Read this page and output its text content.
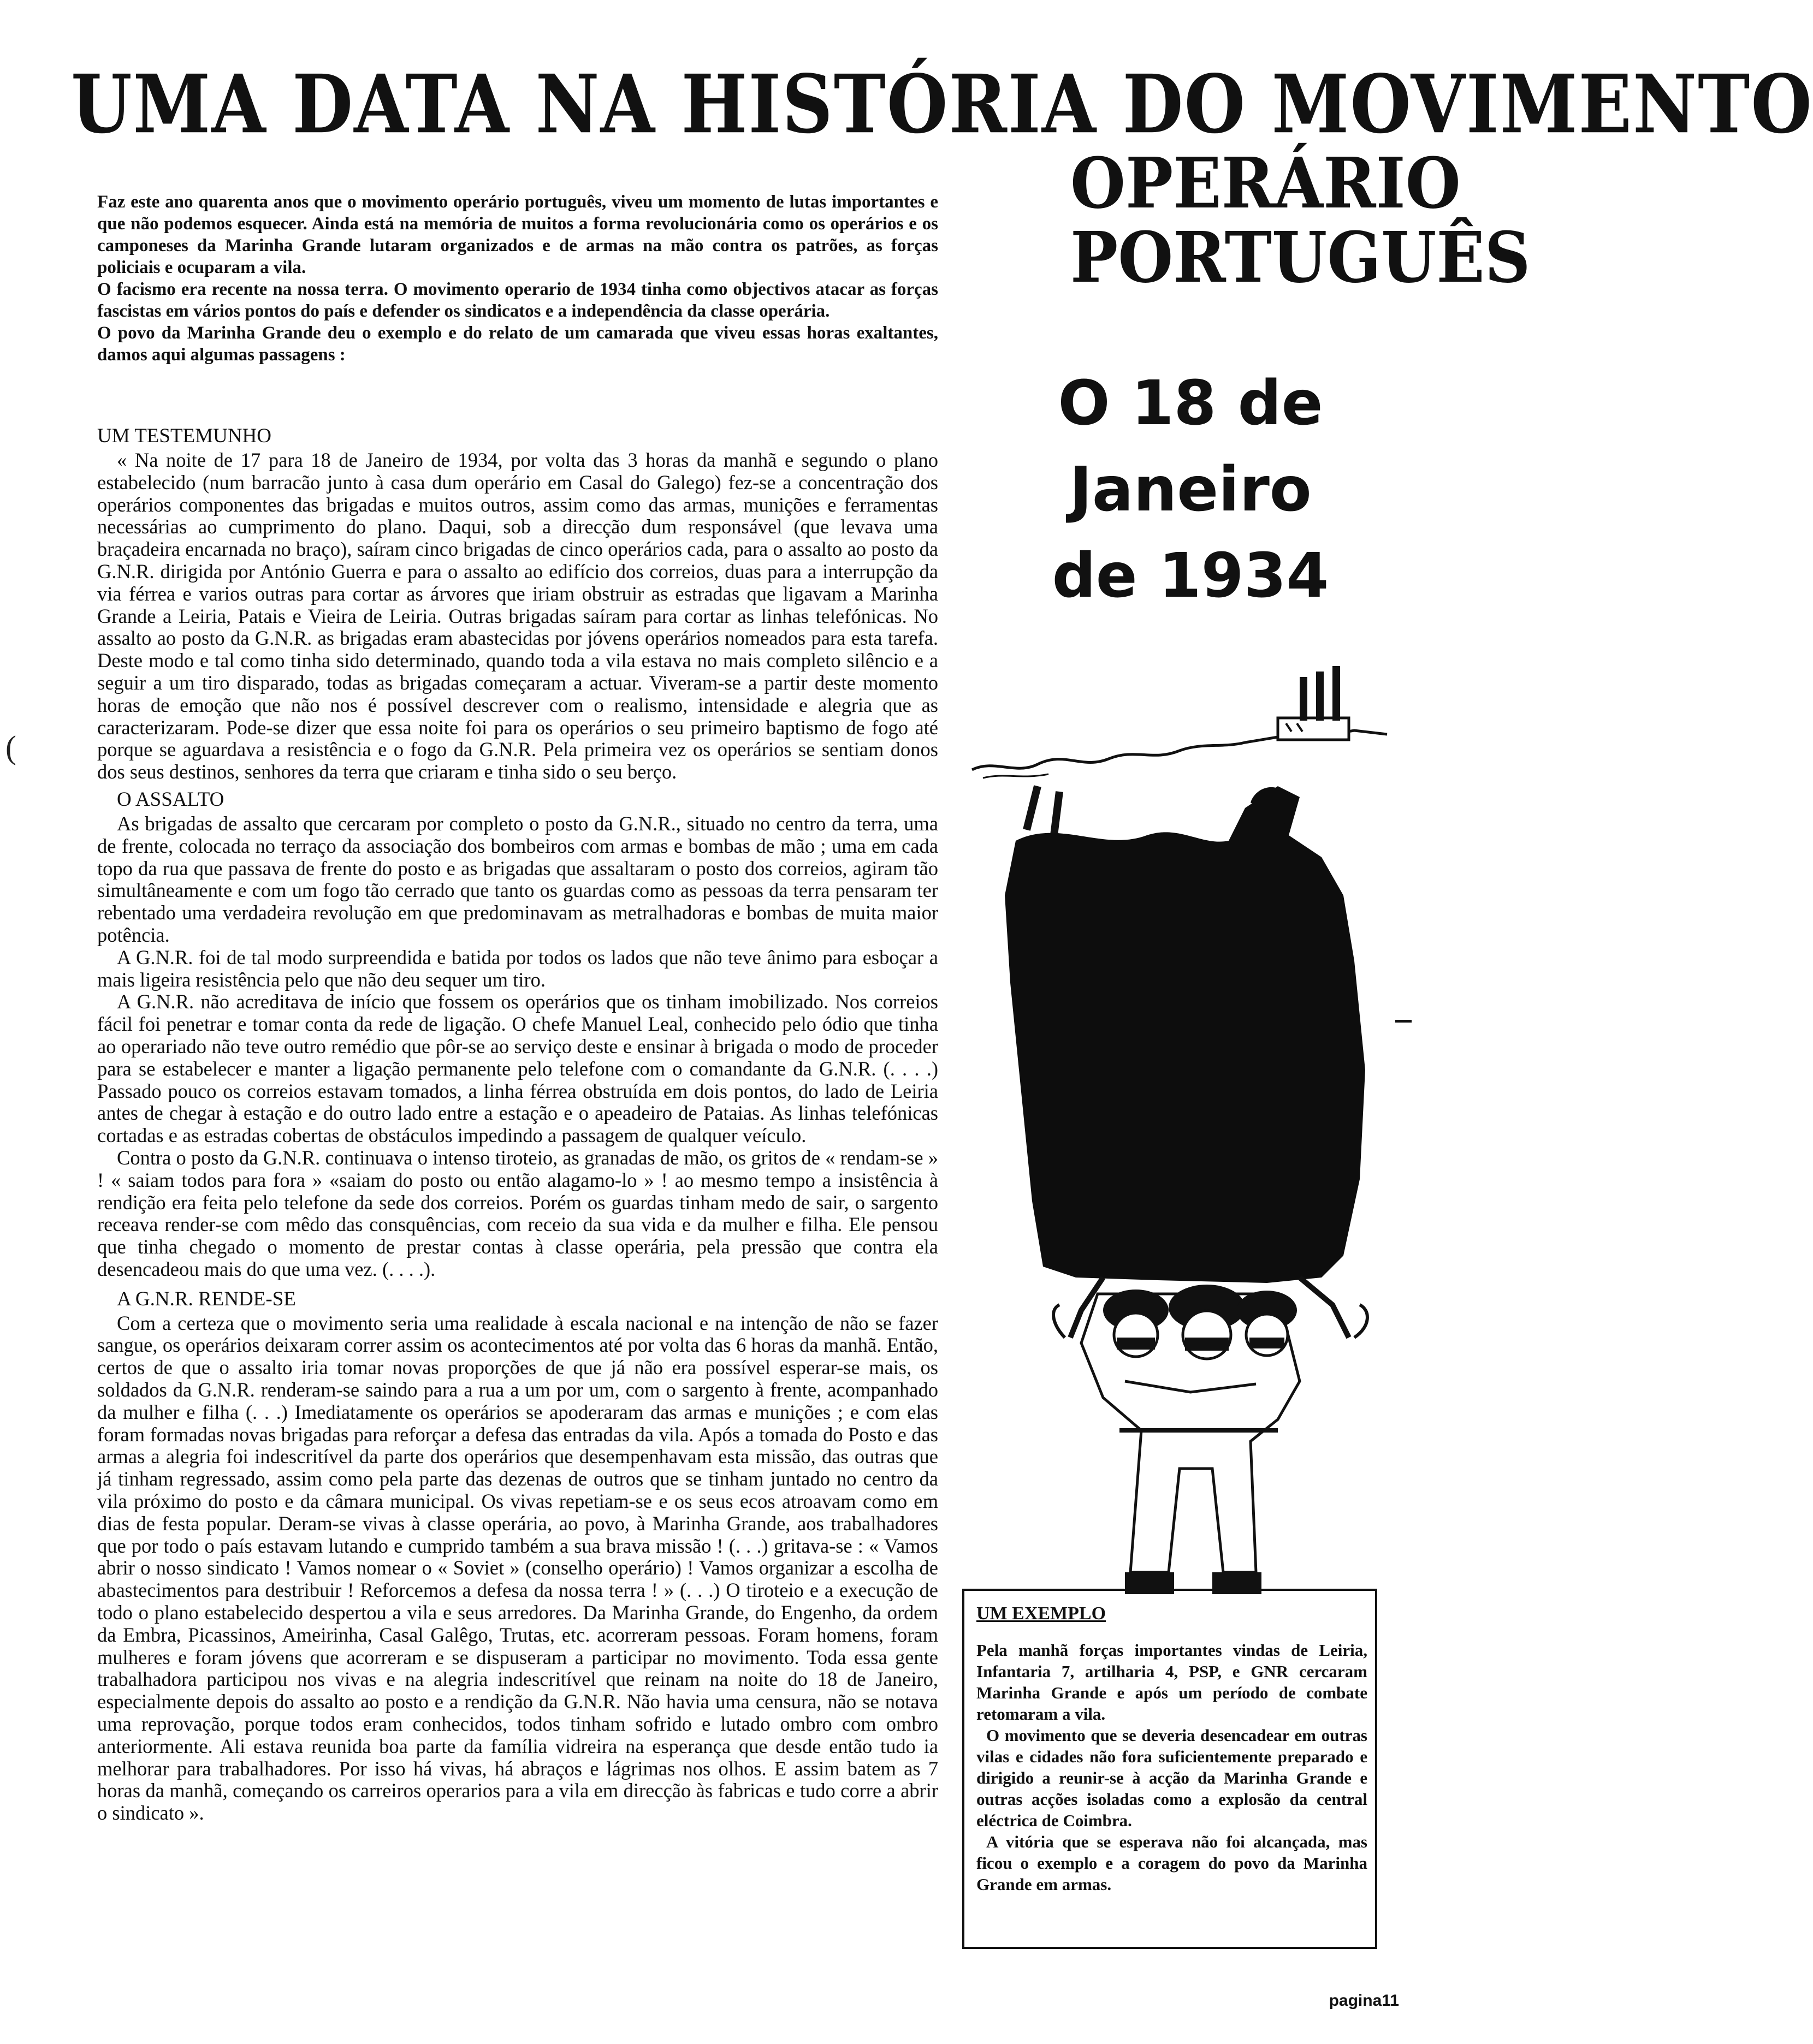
UMA DATA NA HISTÓRIA DO MOVIMENTO
OPERÁRIO
PORTUGUÊS
O 18 de
Janeiro
de 1934

Faz este ano quarenta anos que o movimento operário português, viveu um momento de lutas importantes e que não podemos esquecer. Ainda está na memória de muitos a forma revolucionária como os operários e os camponeses da Marinha Grande lutaram organizados e de armas na mão contra os patrões, as forças policiais e ocuparam a vila.

O facismo era recente na nossa terra. O movimento operario de 1934 tinha como objectivos atacar as forças fascistas em vários pontos do país e defender os sindicatos e a independência da classe operária.

O povo da Marinha Grande deu o exemplo e do relato de um camarada que viveu essas horas exaltantes, damos aqui algumas passagens :

UM TESTEMUNHO

« Na noite de 17 para 18 de Janeiro de 1934, por volta das 3 horas da manhã e segundo o plano estabelecido (num barracão junto à casa dum operário em Casal do Galego) fez-se a concentração dos operários componentes das brigadas e muitos outros, assim como das armas, munições e ferramentas necessárias ao cumprimento do plano. Daqui, sob a direcção dum responsável (que levava uma braçadeira encarnada no braço), saíram cinco brigadas de cinco operários cada, para o assalto ao posto da G.N.R. dirigida por António Guerra e para o assalto ao edifício dos correios, duas para a interrupção da via férrea e varios outras para cortar as árvores que iriam obstruir as estradas que ligavam a Marinha Grande a Leiria, Patais e Vieira de Leiria. Outras brigadas saíram para cortar as linhas telefónicas. No assalto ao posto da G.N.R. as brigadas eram abastecidas por jóvens operários nomeados para esta tarefa. Deste modo e tal como tinha sido determinado, quando toda a vila estava no mais completo silêncio e a seguir a um tiro disparado, todas as brigadas começaram a actuar. Viveram-se a partir deste momento horas de emoção que não nos é possível descrever com o realismo, intensidade e alegria que as caracterizaram. Pode-se dizer que essa noite foi para os operários o seu primeiro baptismo de fogo até porque se aguardava a resistência e o fogo da G.N.R. Pela primeira vez os operários se sentiam donos dos seus destinos, senhores da terra que criaram e tinha sido o seu berço.

O ASSALTO

As brigadas de assalto que cercaram por completo o posto da G.N.R., situado no centro da terra, uma de frente, colocada no terraço da associação dos bombeiros com armas e bombas de mão ; uma em cada topo da rua que passava de frente do posto e as brigadas que assaltaram o posto dos correios, agiram tão simultâneamente e com um fogo tão cerrado que tanto os guardas como as pessoas da terra pensaram ter rebentado uma verdadeira revolução em que predominavam as metralhadoras e bombas de muita maior potência.

A G.N.R. foi de tal modo surpreendida e batida por todos os lados que não teve ânimo para esboçar a mais ligeira resistência pelo que não deu sequer um tiro.

A G.N.R. não acreditava de início que fossem os operários que os tinham imobilizado. Nos correios fácil foi penetrar e tomar conta da rede de ligação. O chefe Manuel Leal, conhecido pelo ódio que tinha ao operariado não teve outro remédio que pôr-se ao serviço deste e ensinar à brigada o modo de proceder para se estabelecer e manter a ligação permanente pelo telefone com o comandante da G.N.R. (. . . .) Passado pouco os correios estavam tomados, a linha férrea obstruída em dois pontos, do lado de Leiria antes de chegar à estação e do outro lado entre a estação e o apeadeiro de Pataias. As linhas telefónicas cortadas e as estradas cobertas de obstáculos impedindo a passagem de qualquer veículo.

Contra o posto da G.N.R. continuava o intenso tiroteio, as granadas de mão, os gritos de « rendam-se » ! « saiam todos para fora » «saiam do posto ou então alagamo-lo » ! ao mesmo tempo a insistência à rendição era feita pelo telefone da sede dos correios. Porém os guardas tinham medo de sair, o sargento receava render-se com mêdo das consquências, com receio da sua vida e da mulher e filha. Ele pensou que tinha chegado o momento de prestar contas à classe operária, pela pressão que contra ela desencadeou mais do que uma vez. (. . . .).

A G.N.R. RENDE-SE

Com a certeza que o movimento seria uma realidade à escala nacional e na intenção de não se fazer sangue, os operários deixaram correr assim os acontecimentos até por volta das 6 horas da manhã. Então, certos de que o assalto iria tomar novas proporções de que já não era possível esperar-se mais, os soldados da G.N.R. renderam-se saindo para a rua a um por um, com o sargento à frente, acompanhado da mulher e filha (. . .) Imediatamente os operários se apoderaram das armas e munições ; e com elas foram formadas novas brigadas para reforçar a defesa das entradas da vila. Após a tomada do Posto e das armas a alegria foi indescritível da parte dos operários que desempenhavam esta missão, das outras que já tinham regressado, assim como pela parte das dezenas de outros que se tinham juntado no centro da vila próximo do posto e da câmara municipal. Os vivas repetiam-se e os seus ecos atroavam como em dias de festa popular. Deram-se vivas à classe operária, ao povo, à Marinha Grande, aos trabalhadores que por todo o país estavam lutando e cumprido também a sua brava missão ! (. . .) gritava-se : « Vamos abrir o nosso sindicato ! Vamos nomear o « Soviet » (conselho operário) ! Vamos organizar a escolha de abastecimentos para destribuir ! Reforcemos a defesa da nossa terra ! » (. . .) O tiroteio e a execução de todo o plano estabelecido despertou a vila e seus arredores. Da Marinha Grande, do Engenho, da ordem da Embra, Picassinos, Ameirinha, Casal Galêgo, Trutas, etc. acorreram pessoas. Foram homens, foram mulheres e foram jóvens que acorreram e se dispuseram a participar no movimento. Toda essa gente trabalhadora participou nos vivas e na alegria indescritível que reinam na noite do 18 de Janeiro, especialmente depois do assalto ao posto e a rendição da G.N.R. Não havia uma censura, não se notava uma reprovação, porque todos eram conhecidos, todos tinham sofrido e lutado ombro com ombro anteriormente. Ali estava reunida boa parte da família vidreira na esperança que desde então tudo ia melhorar para trabalhadores. Por isso há vivas, há abraços e lágrimas nos olhos. E assim batem as 7 horas da manhã, começando os carreiros operarios para a vila em direcção às fabricas e tudo corre a abrir o sindicato ».

(
UM EXEMPLO

Pela manhã forças importantes vindas de Leiria, Infantaria 7, artilharia 4, PSP, e GNR cercaram Marinha Grande e após um período de combate retomaram a vila.

O movimento que se deveria desencadear em outras vilas e cidades não fora suficientemente preparado e dirigido a reunir-se à acção da Marinha Grande e outras acções isoladas como a explosão da central eléctrica de Coimbra.

A vitória que se esperava não foi alcançada, mas ficou o exemplo e a coragem do povo da Marinha Grande em armas.

pagina11
